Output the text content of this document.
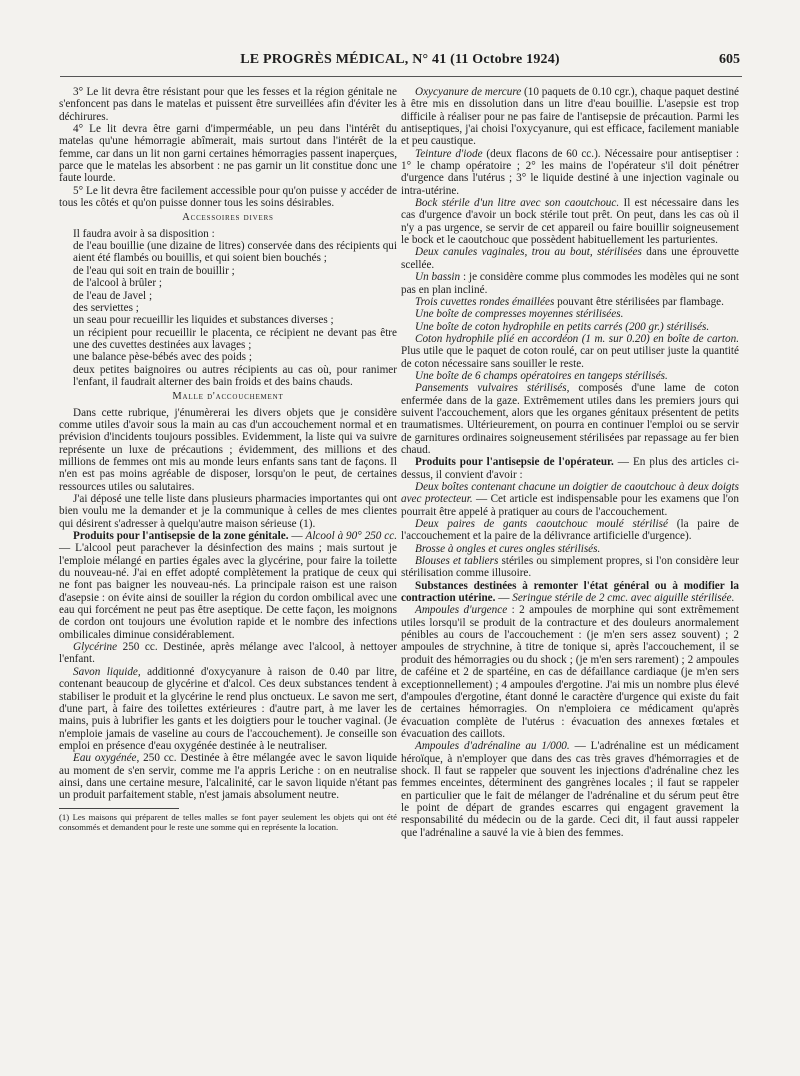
LE PROGRÈS MÉDICAL, N° 41 (11 Octobre 1924)	605

3° Le lit devra être résistant pour que les fesses et la région génitale ne s'enfoncent pas dans le matelas et puissent être surveillées afin d'éviter les déchirures.

4° Le lit devra être garni d'imperméable, un peu dans l'intérêt du matelas qu'une hémorragie abîmerait, mais surtout dans l'intérêt de la femme, car dans un lit non garni certaines hémorragies passent inaperçues, parce que le matelas les absorbent : ne pas garnir un lit constitue donc une faute lourde.

5° Le lit devra être facilement accessible pour qu'on puisse y accéder de tous les côtés et qu'on puisse donner tous les soins désirables.

Accessoires divers

Il faudra avoir à sa disposition :

de l'eau bouillie (une dizaine de litres) conservée dans des récipients qui aient été flambés ou bouillis, et qui soient bien bouchés ;

de l'eau qui soit en train de bouillir ;

de l'alcool à brûler ;

de l'eau de Javel ;

des serviettes ;

un seau pour recueillir les liquides et substances diverses ;

un récipient pour recueillir le placenta, ce récipient ne devant pas être une des cuvettes destinées aux lavages ;

une balance pèse-bébés avec des poids ;

deux petites baignoires ou autres récipients au cas où, pour ranimer l'enfant, il faudrait alterner des bain froids et des bains chauds.

Malle d'accouchement

Dans cette rubrique, j'énumèrerai les divers objets que je considère comme utiles d'avoir sous la main au cas d'un accouchement normal et en prévision d'incidents toujours possibles. Evidemment, la liste qui va suivre représente un luxe de précautions ; évidemment, des millions et des millions de femmes ont mis au monde leurs enfants sans tant de façons. Il n'en est pas moins agréable de disposer, lorsqu'on le peut, de certaines ressources utiles ou salutaires.

J'ai déposé une telle liste dans plusieurs pharmacies importantes qui ont bien voulu me la demander et je la communique à celles de mes clientes qui désirent s'adresser à quelqu'autre maison sérieuse (1).

Produits pour l'antisepsie de la zone génitale. — Alcool à 90° 250 cc. — L'alcool peut parachever la désinfection des mains ; mais surtout je l'emploie mélangé en parties égales avec la glycérine, pour faire la toilette du nouveau-né. J'ai en effet adopté complètement la pratique de ceux qui ne font pas baigner les nouveau-nés. La principale raison est une raison d'asepsie : on évite ainsi de souiller la région du cordon ombilical avec une eau qui forcément ne peut pas être aseptique. De cette façon, les moignons de cordon ont toujours une évolution rapide et le nombre des infections ombilicales diminue considérablement.

Glycérine 250 cc. Destinée, après mélange avec l'alcool, à nettoyer l'enfant.

Savon liquide, additionné d'oxycyanure à raison de 0.40 par litre, contenant beaucoup de glycérine et d'alcol. Ces deux substances tendent à stabiliser le produit et la glycérine le rend plus onctueux. Le savon me sert, d'une part, à faire des toilettes extérieures : d'autre part, à me laver les mains, puis à lubrifier les gants et les doigtiers pour le toucher vaginal. (Je n'emploie jamais de vaseline au cours de l'accouchement). Je conseille son emploi en présence d'eau oxygénée destinée à le neutraliser.

Eau oxygénée, 250 cc. Destinée à être mélangée avec le savon liquide au moment de s'en servir, comme me l'a appris Leriche : on en neutralise ainsi, dans une certaine mesure, l'alcalinité, car le savon liquide n'étant pas un produit parfaitement stable, n'est jamais absolument neutre.

(1) Les maisons qui préparent de telles malles se font payer seulement les objets qui ont été consommés et demandent pour le reste une somme qui en représente la location.

Oxycyanure de mercure (10 paquets de 0.10 cgr.), chaque paquet destiné à être mis en dissolution dans un litre d'eau bouillie. L'asepsie est trop difficile à réaliser pour ne pas faire de l'antisepsie de précaution. Parmi les antiseptiques, j'ai choisi l'oxycyanure, qui est efficace, facilement maniable et peu caustique.

Teinture d'iode (deux flacons de 60 cc.). Nécessaire pour antiseptiser : 1° le champ opératoire ; 2° les mains de l'opérateur s'il doit pénétrer d'urgence dans l'utérus ; 3° le liquide destiné à une injection vaginale ou intra-utérine.

Bock stérile d'un litre avec son caoutchouc. Il est nécessaire dans les cas d'urgence d'avoir un bock stérile tout prêt. On peut, dans les cas où il n'y a pas urgence, se servir de cet appareil ou faire bouillir soigneusement le bock et le caoutchouc que possèdent habituellement les parturientes.

Deux canules vaginales, trou au bout, stérilisées dans une éprouvette scellée.

Un bassin : je considère comme plus commodes les modèles qui ne sont pas en plan incliné.

Trois cuvettes rondes émaillées pouvant être stérilisées par flambage.

Une boîte de compresses moyennes stérilisées.

Une boîte de coton hydrophile en petits carrés (200 gr.) stérilisés.

Coton hydrophile plié en accordéon (1 m. sur 0.20) en boîte de carton. Plus utile que le paquet de coton roulé, car on peut utiliser juste la quantité de coton nécessaire sans souiller le reste.

Une boîte de 6 champs opératoires en tangeps stérilisés.

Pansements vulvaires stérilisés, composés d'une lame de coton enfermée dans de la gaze. Extrêmement utiles dans les premiers jours qui suivent l'accouchement, alors que les organes génitaux présentent de petits traumatismes. Ultérieurement, on pourra en continuer l'emploi ou se servir de garnitures ordinaires soigneusement stérilisées par repassage au fer bien chaud.

Produits pour l'antisepsie de l'opérateur. — En plus des articles ci-dessus, il convient d'avoir :

Deux boîtes contenant chacune un doigtier de caoutchouc à deux doigts avec protecteur. — Cet article est indispensable pour les examens que l'on pourrait être appelé à pratiquer au cours de l'accouchement.

Deux paires de gants caoutchouc moulé stérilisé (la paire de l'accouchement et la paire de la délivrance artificielle d'urgence).

Brosse à ongles et cures ongles stérilisés.

Blouses et tabliers stériles ou simplement propres, si l'on considère leur stérilisation comme illusoire.

Substances destinées à remonter l'état général ou à modifier la contraction utérine. — Seringue stérile de 2 cmc. avec aiguille stérilisée.

Ampoules d'urgence : 2 ampoules de morphine qui sont extrêmement utiles lorsqu'il se produit de la contracture et des douleurs anormalement pénibles au cours de l'accouchement : (je m'en sers assez souvent) ; 2 ampoules de strychnine, à titre de tonique si, après l'accouchement, il se produit des hémorragies ou du shock ; (je m'en sers rarement) ; 2 ampoules de caféine et 2 de spartéine, en cas de défaillance cardiaque (je m'en sers exceptionnellement) ; 4 ampoules d'ergotine. J'ai mis un nombre plus élevé d'ampoules d'ergotine, étant donné le caractère d'urgence qui existe du fait de certaines hémorragies. On n'emploiera ce médicament qu'après évacuation complète de l'utérus : évacuation des annexes fœtales et évacuation des caillots.

Ampoules d'adrénaline au 1/000. — L'adrénaline est un médicament héroïque, à n'employer que dans des cas très graves d'hémorragies et de shock. Il faut se rappeler que souvent les injections d'adrénaline chez les femmes enceintes, déterminent des gangrènes locales ; il faut se rappeler en particulier que le fait de mélanger de l'adrénaline et du sérum peut être le point de départ de grandes escarres qui engagent gravement la responsabilité du médecin ou de la garde. Ceci dit, il faut aussi rappeler que l'adrénaline a sauvé la vie à bien des femmes.
